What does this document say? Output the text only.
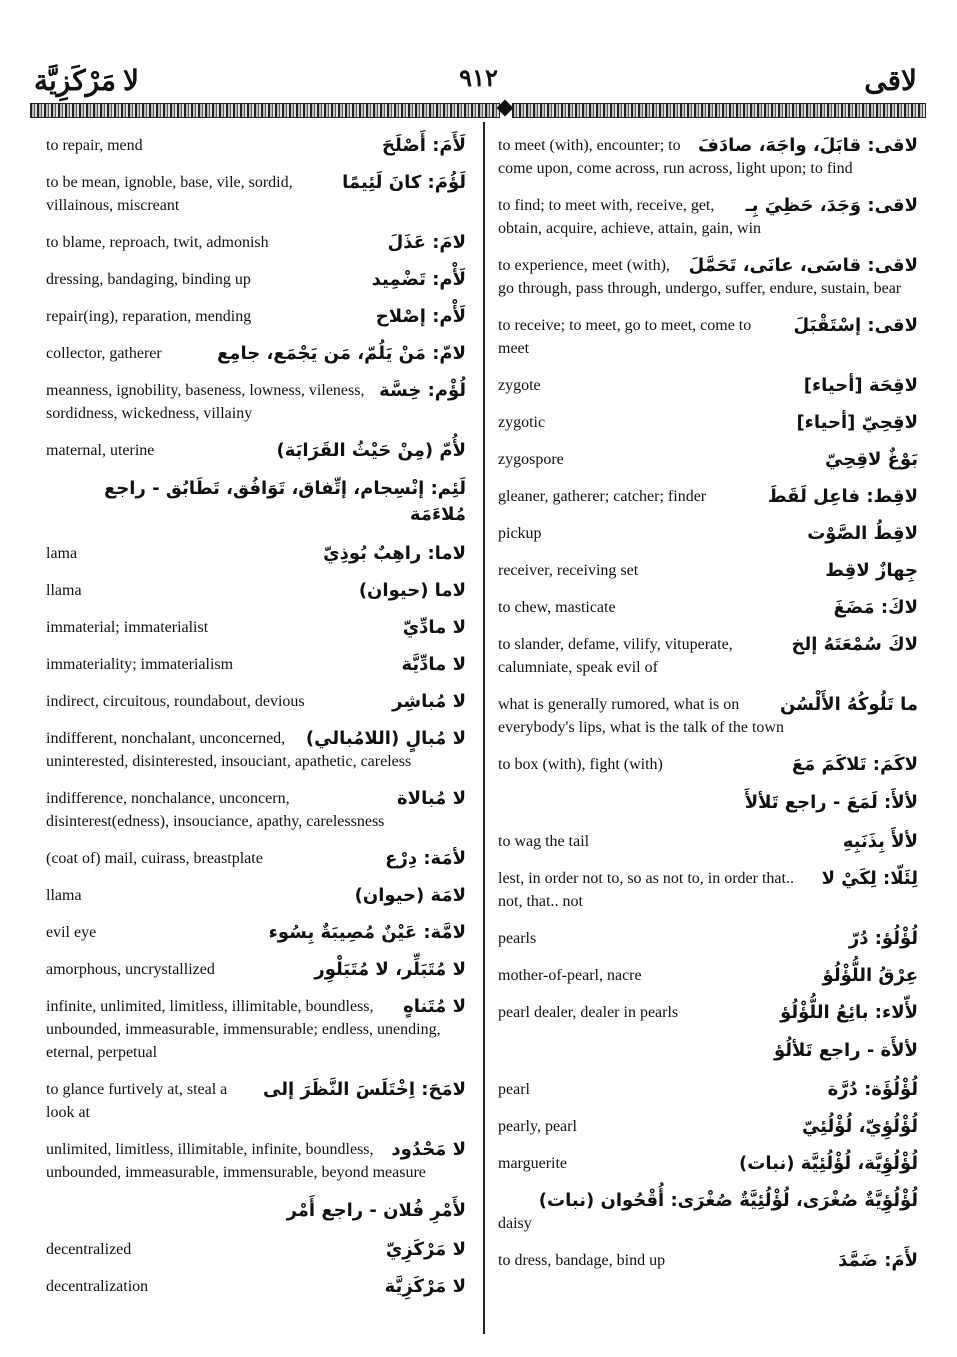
لا مَرْكَزِيَّة	٩١٢	لاقى
لَأَمَ: أَصْلَحَ
to repair, mend
لَؤُمَ: كانَ لَئِيمًا
to be mean, ignoble, base, vile, sordid, villainous, miscreant
لامَ: عَذَلَ
to blame, reproach, twit, admonish
لَأْم: تَضْمِيد
dressing, bandaging, binding up
لَأْم: إصْلاح
repair(ing), reparation, mending
لامّ: مَنْ يَلُمّ، مَن يَجْمَع، جامِع
collector, gatherer
لُؤْم: خِسَّة
meanness, ignobility, baseness, lowness, vileness, sordidness, wickedness, villainy
لأُمّ (مِنْ حَيْثُ القَرَابَة)
maternal, uterine
لَئِم: إنْسِجام، إتِّفاق، تَوَافُق، تَطَابُق - راجع مُلاءَمَة
لاما: راهِبٌ بُوذِيّ
lama
لاما (حيوان)
llama
لا مادِّيّ
immaterial; immaterialist
لا مادِّيَّة
immateriality; immaterialism
لا مُباشِر
indirect, circuitous, roundabout, devious
لا مُبالٍ (اللامُبالي)
indifferent, nonchalant, unconcerned, uninterested, disinterested, insouciant, apathetic, careless
لا مُبالاة
indifference, nonchalance, unconcern, disinterest(edness), insouciance, apathy, carelessness
لأمَة: دِرْع
(coat of) mail, cuirass, breastplate
لامَة (حيوان)
llama
لامَّة: عَيْنٌ مُصِيبَةٌ بِسُوء
evil eye
لا مُتَبَلِّر، لا مُتَبَلْوِر
amorphous, uncrystallized
لا مُتَناهٍ
infinite, unlimited, limitless, illimitable, boundless, unbounded, immeasurable, immensurable; endless, unending, eternal, perpetual
لامَحَ: اِخْتَلَسَ النَّظَرَ إلى
to glance furtively at, steal a look at
لا مَحْدُود
unlimited, limitless, illimitable, infinite, boundless, unbounded, immeasurable, immensurable, beyond measure
لأَمْرِ فُلان - راجع أَمْر
لا مَرْكَزِيّ
decentralized
لا مَرْكَزِيَّة
decentralization
لاقى: قابَلَ، واجَهَ، صادَفَ
to meet (with), encounter; to come upon, come across, run across, light upon; to find
لاقى: وَجَدَ، حَظِيَ بِـ
to find; to meet with, receive, get, obtain, acquire, achieve, attain, gain, win
لاقى: قاسَى، عانَى، تَحَمَّلَ
to experience, meet (with), go through, pass through, undergo, suffer, endure, sustain, bear
لاقى: إسْتَقْبَلَ
to receive; to meet, go to meet, come to meet
لاقِحَة [أحياء]
zygote
لاقِحِيّ [أحياء]
zygotic
بَوْغٌ لاقِحِيّ
zygospore
لاقِط: فاعِل لَقَطَ
gleaner, gatherer; catcher; finder
لاقِطُ الصَّوْت
pickup
جِهازٌ لاقِط
receiver, receiving set
لاكَ: مَضَغَ
to chew, masticate
لاكَ سُمْعَتَهُ إلخ
to slander, defame, vilify, vituperate, calumniate, speak evil of
ما تَلُوكُهُ الأَلْسُن
what is generally rumored, what is on everybody's lips, what is the talk of the town
لاكَمَ: تَلاكَمَ مَعَ
to box (with), fight (with)
لألأَ: لَمَعَ - راجع تَلألأَ
لألأَ بِذَنَبِهِ
to wag the tail
لِئَلّا: لِكَيْ لا
lest, in order not to, so as not to, in order that.. not, that.. not
لُؤْلُؤ: دُرّ
pearls
عِرْقُ اللُّؤْلُؤ
mother-of-pearl, nacre
لأّلاء: بائِعُ اللُّؤْلُؤ
pearl dealer, dealer in pearls
لألأَة - راجع تَلألُؤ
لُؤْلُؤَة: دُرَّة
pearl
لُؤْلُؤِيّ، لُؤْلُئِيّ
pearly, pearl
لُؤْلُؤِيَّة، لُؤْلُئِيَّة (نبات)
marguerite
لُؤْلُؤِيَّةٌ صُغْرَى، لُؤْلُئِيَّةٌ صُغْرَى: أُقْحُوان (نبات)
daisy
لأَمَ: ضَمَّدَ
to dress, bandage, bind up
